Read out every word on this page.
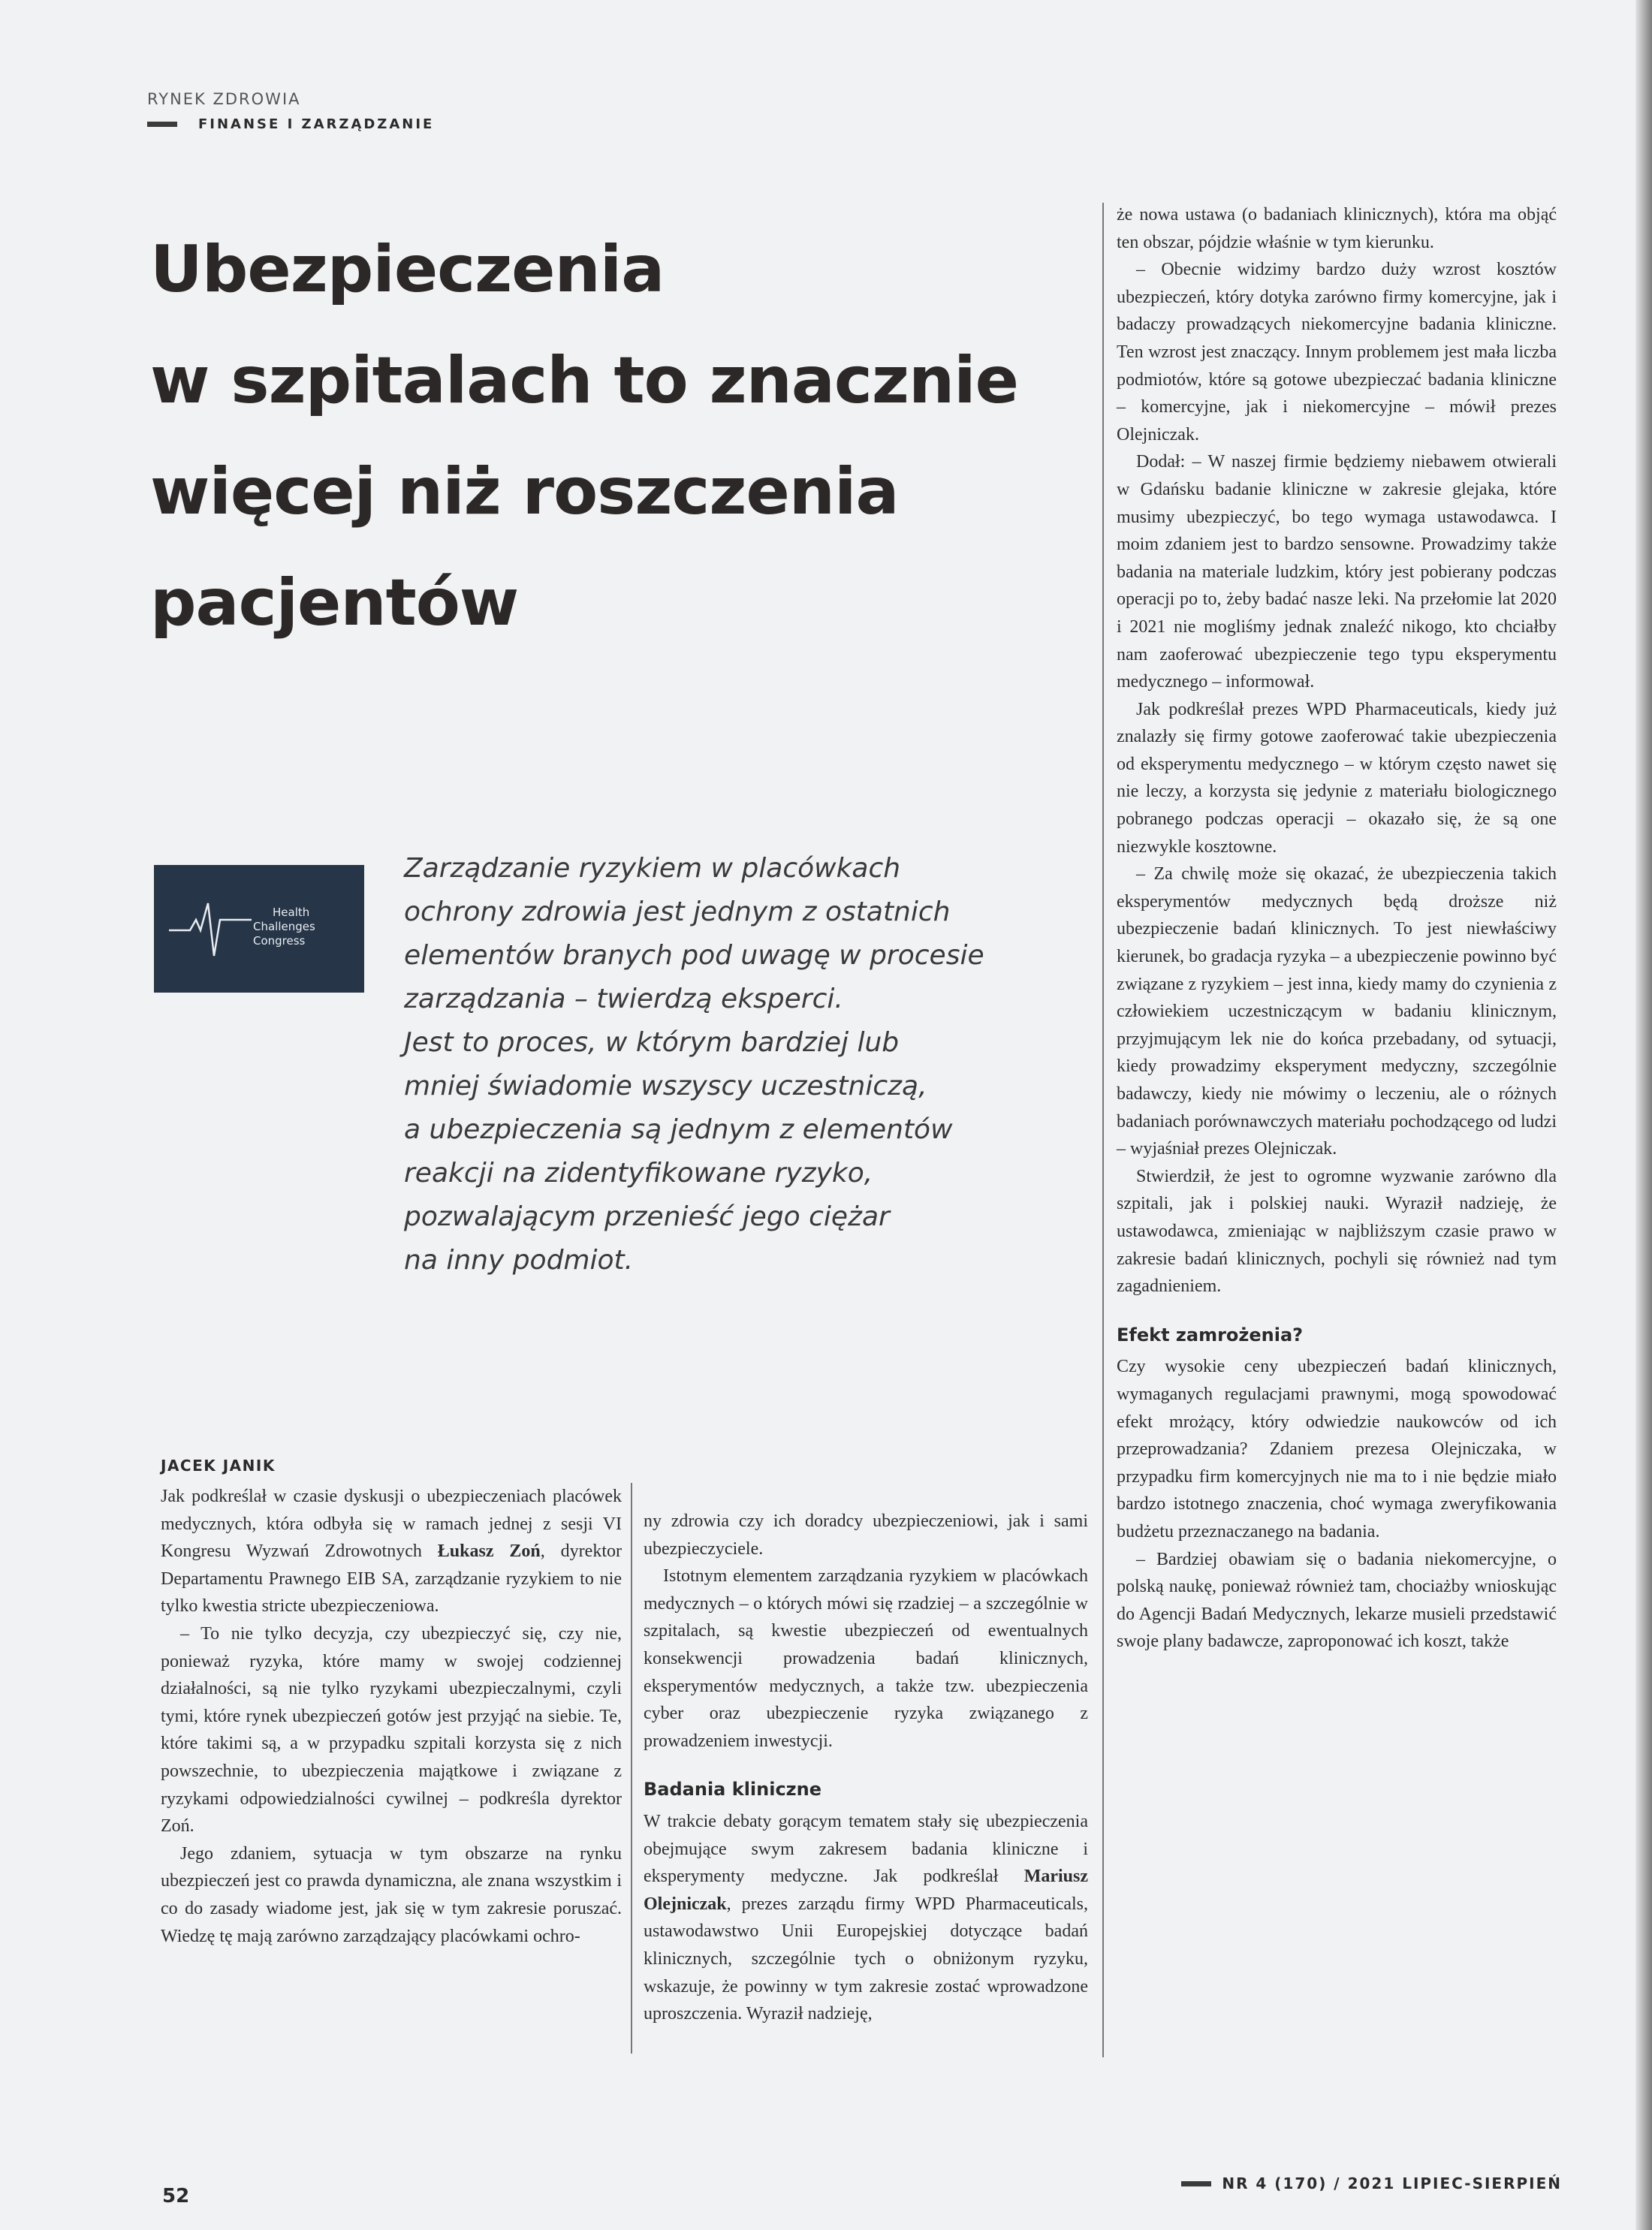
RYNEK ZDROWIA
FINANSE I ZARZĄDZANIE
Ubezpieczenia
w szpitalach to znacznie
więcej niż roszczenia
pacjentów
Health
Challenges
Congress
Zarządzanie ryzykiem w placówkach
ochrony zdrowia jest jednym z ostatnich
elementów branych pod uwagę w procesie
zarządzania – twierdzą eksperci.
Jest to proces, w którym bardziej lub
mniej świadomie wszyscy uczestniczą,
a ubezpieczenia są jednym z elementów
reakcji na zidentyfikowane ryzyko,
pozwalającym przenieść jego ciężar
na inny podmiot.
JACEK JANIK

Jak podkreślał w czasie dyskusji o ubezpieczeniach placówek medycznych, która odbyła się w ramach jednej z sesji VI Kongresu Wyzwań Zdrowotnych Łukasz Zoń, dyrektor Departamentu Prawnego EIB SA, zarządzanie ryzykiem to nie tylko kwestia stricte ubezpieczeniowa.

– To nie tylko decyzja, czy ubezpieczyć się, czy nie, ponieważ ryzyka, które mamy w swojej codziennej działalności, są nie tylko ryzykami ubezpieczalnymi, czyli tymi, które rynek ubezpieczeń gotów jest przyjąć na siebie. Te, które takimi są, a w przypadku szpitali korzysta się z nich powszechnie, to ubezpieczenia majątkowe i związane z ryzykami odpowiedzialności cywilnej – podkreśla dyrektor Zoń.

Jego zdaniem, sytuacja w tym obszarze na rynku ubezpieczeń jest co prawda dynamiczna, ale znana wszystkim i co do zasady wiadome jest, jak się w tym zakresie poruszać. Wiedzę tę mają zarówno zarządzający placówkami ochro-

ny zdrowia czy ich doradcy ubezpieczeniowi, jak i sami ubezpieczyciele.

Istotnym elementem zarządzania ryzykiem w placówkach medycznych – o których mówi się rzadziej – a szczególnie w szpitalach, są kwestie ubezpieczeń od ewentualnych konsekwencji prowadzenia badań klinicznych, eksperymentów medycznych, a także tzw. ubezpieczenia cyber oraz ubezpieczenie ryzyka związanego z prowadzeniem inwestycji.

Badania kliniczne

W trakcie debaty gorącym tematem stały się ubezpieczenia obejmujące swym zakresem badania kliniczne i eksperymenty medyczne. Jak podkreślał Mariusz Olejniczak, prezes zarządu firmy WPD Pharmaceuticals, ustawodawstwo Unii Europejskiej dotyczące badań klinicznych, szczególnie tych o obniżonym ryzyku, wskazuje, że powinny w tym zakresie zostać wprowadzone uproszczenia. Wyraził nadzieję,

że nowa ustawa (o badaniach klinicznych), która ma objąć ten obszar, pójdzie właśnie w tym kierunku.

– Obecnie widzimy bardzo duży wzrost kosztów ubezpieczeń, który dotyka zarówno firmy komercyjne, jak i badaczy prowadzących niekomercyjne badania kliniczne. Ten wzrost jest znaczący. Innym problemem jest mała liczba podmiotów, które są gotowe ubezpieczać badania kliniczne – komercyjne, jak i niekomercyjne – mówił prezes Olejniczak.

Dodał: – W naszej firmie będziemy niebawem otwierali w Gdańsku badanie kliniczne w zakresie glejaka, które musimy ubezpieczyć, bo tego wymaga ustawodawca. I moim zdaniem jest to bardzo sensowne. Prowadzimy także badania na materiale ludzkim, który jest pobierany podczas operacji po to, żeby badać nasze leki. Na przełomie lat 2020 i 2021 nie mogliśmy jednak znaleźć nikogo, kto chciałby nam zaoferować ubezpieczenie tego typu eksperymentu medycznego – informował.

Jak podkreślał prezes WPD Pharmaceuticals, kiedy już znalazły się firmy gotowe zaoferować takie ubezpieczenia od eksperymentu medycznego – w którym często nawet się nie leczy, a korzysta się jedynie z materiału biologicznego pobranego podczas operacji – okazało się, że są one niezwykle kosztowne.

– Za chwilę może się okazać, że ubezpieczenia takich eksperymentów medycznych będą droższe niż ubezpieczenie badań klinicznych. To jest niewłaściwy kierunek, bo gradacja ryzyka – a ubezpieczenie powinno być związane z ryzykiem – jest inna, kiedy mamy do czynienia z człowiekiem uczestniczącym w badaniu klinicznym, przyjmującym lek nie do końca przebadany, od sytuacji, kiedy prowadzimy eksperyment medyczny, szczególnie badawczy, kiedy nie mówimy o leczeniu, ale o różnych badaniach porównawczych materiału pochodzącego od ludzi – wyjaśniał prezes Olejniczak.

Stwierdził, że jest to ogromne wyzwanie zarówno dla szpitali, jak i polskiej nauki. Wyraził nadzieję, że ustawodawca, zmieniając w najbliższym czasie prawo w zakresie badań klinicznych, pochyli się również nad tym zagadnieniem.

Efekt zamrożenia?

Czy wysokie ceny ubezpieczeń badań klinicznych, wymaganych regulacjami prawnymi, mogą spowodować efekt mrożący, który odwiedzie naukowców od ich przeprowadzania? Zdaniem prezesa Olejniczaka, w przypadku firm komercyjnych nie ma to i nie będzie miało bardzo istotnego znaczenia, choć wymaga zweryfikowania budżetu przeznaczanego na badania.

– Bardziej obawiam się o badania niekomercyjne, o polską naukę, ponieważ również tam, chociażby wnioskując do Agencji Badań Medycznych, lekarze musieli przedstawić swoje plany badawcze, zaproponować ich koszt, także

52
NR 4 (170) / 2021 LIPIEC-SIERPIEŃ
